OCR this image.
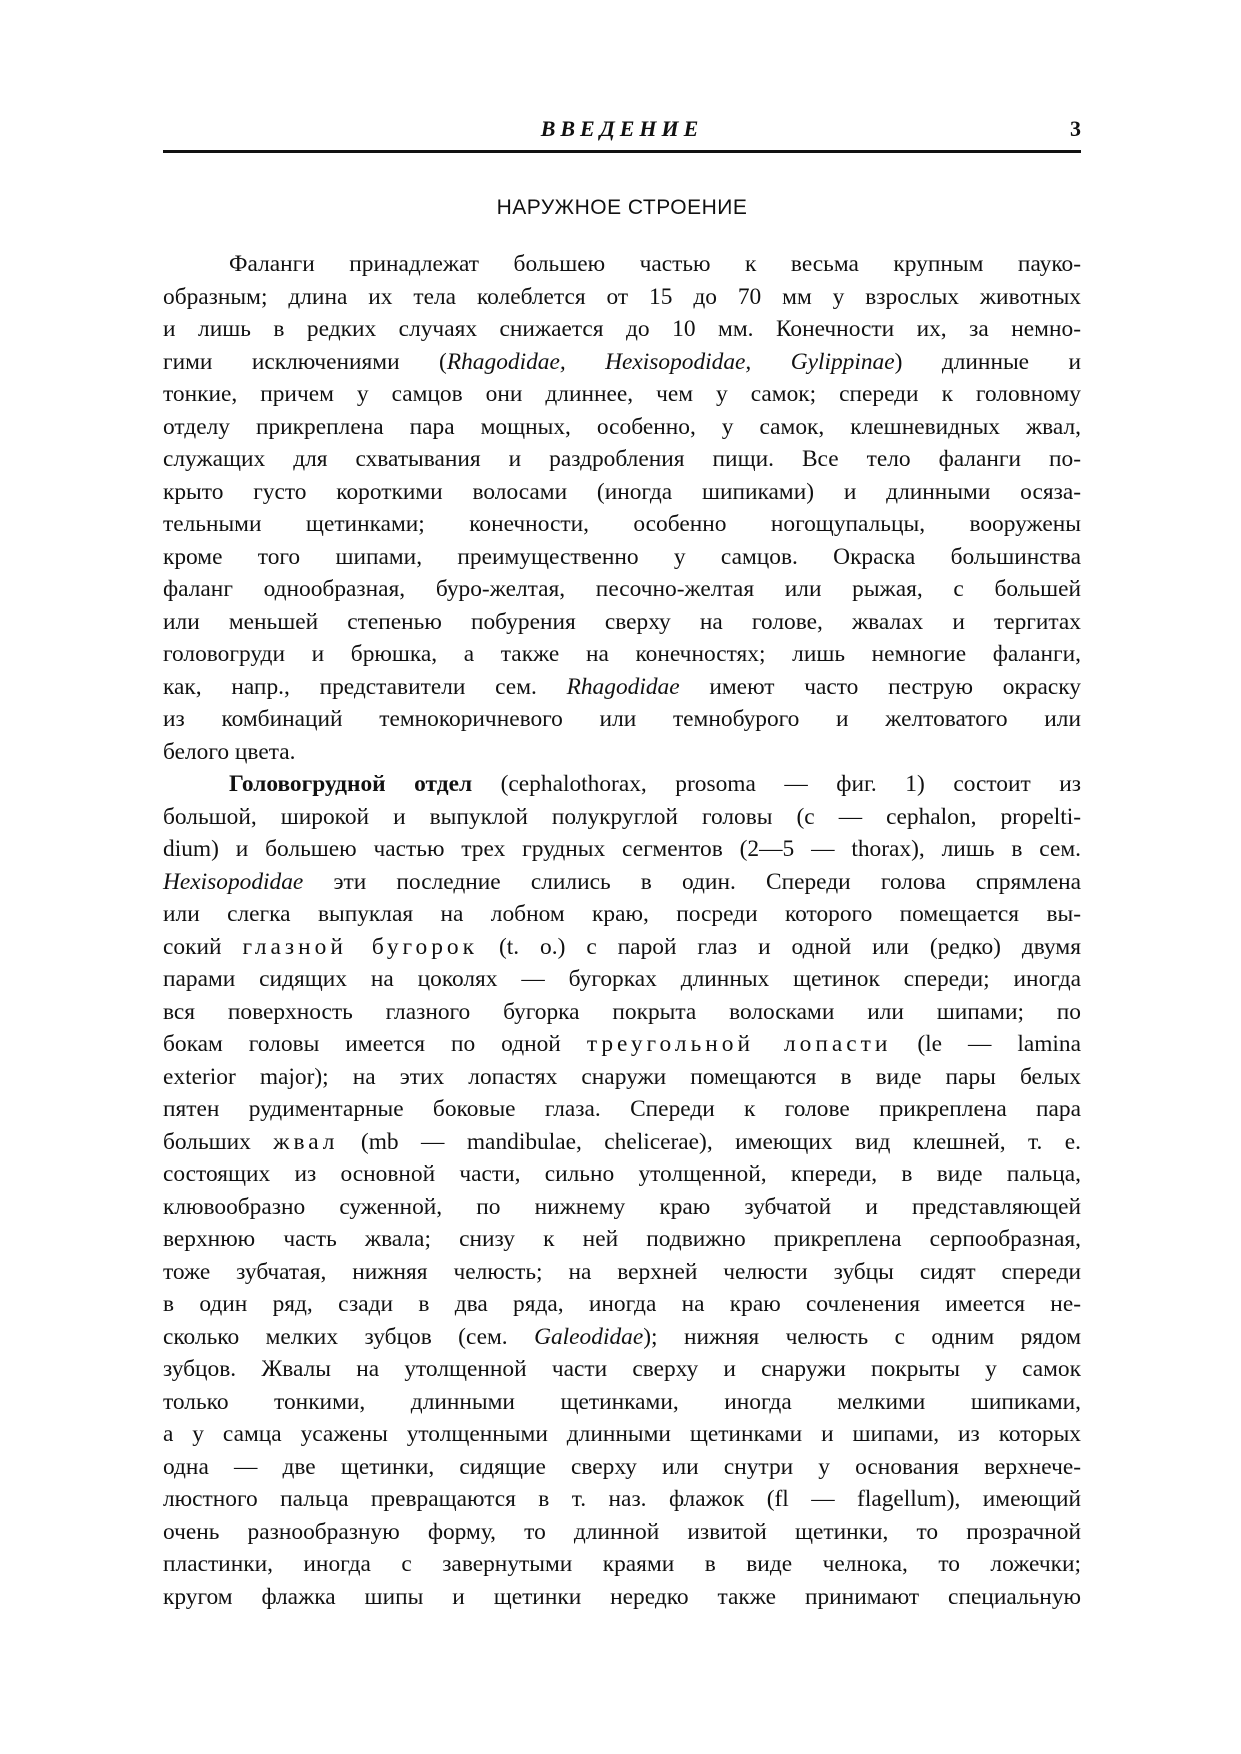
ВВЕДЕНИЕ	3
НАРУЖНОЕ СТРОЕНИЕ
Фаланги принадлежат большею частью к весьма крупным пауко-
образным; длина их тела колеблется от 15 до 70 мм у взрослых животных
и лишь в редких случаях снижается до 10 мм. Конечности их, за немно-
гими исключениями (Rhagodidae, Hexisopodidae, Gylippinae) длинные и
тонкие, причем у самцов они длиннее, чем у самок; спереди к головному
отделу прикреплена пара мощных, особенно, у самок, клешневидных жвал,
служащих для схватывания и раздробления пищи. Все тело фаланги по-
крыто густо короткими волосами (иногда шипиками) и длинными осяза-
тельными щетинками; конечности, особенно ногощупальцы, вооружены
кроме того шипами, преимущественно у самцов. Окраска большинства
фаланг однообразная, буро-желтая, песочно-желтая или рыжая, с большей
или меньшей степенью побурения сверху на голове, жвалах и тергитах
головогруди и брюшка, а также на конечностях; лишь немногие фаланги,
как, напр., представители сем. Rhagodidae имеют часто пеструю окраску
из комбинаций темнокоричневого или темнобурого и желтоватого или
белого цвета.
Головогрудной отдел (cephalothorax, prosoma — фиг. 1) состоит из
большой, широкой и выпуклой полукруглой головы (c — cephalon, propelti-
dium) и большею частью трех грудных сегментов (2—5 — thorax), лишь в сем.
Hexisopodidae эти последние слились в один. Спереди голова спрямлена
или слегка выпуклая на лобном краю, посреди которого помещается вы-
сокий глазной бугорок (t. o.) с парой глаз и одной или (редко) двумя
парами сидящих на цоколях — бугорках длинных щетинок спереди; иногда
вся поверхность глазного бугорка покрыта волосками или шипами; по
бокам головы имеется по одной треугольной лопасти (le — lamina
exterior major); на этих лопастях снаружи помещаются в виде пары белых
пятен рудиментарные боковые глаза. Спереди к голове прикреплена пара
больших жвал (mb — mandibulae, chelicerae), имеющих вид клешней, т. е.
состоящих из основной части, сильно утолщенной, кпереди, в виде пальца,
клювообразно суженной, по нижнему краю зубчатой и представляющей
верхнюю часть жвала; снизу к ней подвижно прикреплена серпообразная,
тоже зубчатая, нижняя челюсть; на верхней челюсти зубцы сидят спереди
в один ряд, сзади в два ряда, иногда на краю сочленения имеется не-
сколько мелких зубцов (сем. Galeodidae); нижняя челюсть с одним рядом
зубцов. Жвалы на утолщенной части сверху и снаружи покрыты у самок
только тонкими, длинными щетинками, иногда мелкими шипиками,
а у самца усажены утолщенными длинными щетинками и шипами, из которых
одна — две щетинки, сидящие сверху или снутри у основания верхнече-
люстного пальца превращаются в т. наз. флажок (fl — flagellum), имеющий
очень разнообразную форму, то длинной извитой щетинки, то прозрачной
пластинки, иногда с завернутыми краями в виде челнока, то ложечки;
кругом флажка шипы и щетинки нередко также принимают специальную
